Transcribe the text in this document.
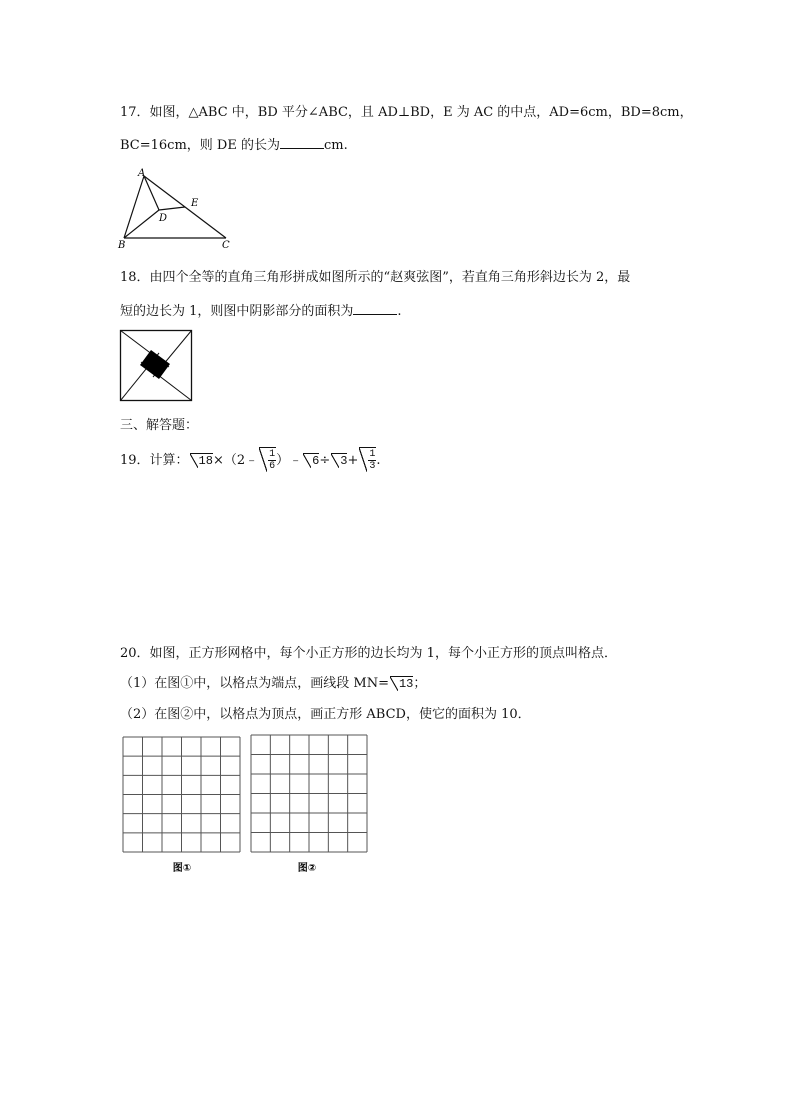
17．如图，△ABC 中，BD 平分∠ABC，且 AD⊥BD，E 为 AC 的中点，AD=6cm，BD=8cm，
BC=16cm，则 DE 的长为	cm.
A
B	C
D
E
18．由四个全等的直角三角形拼成如图所示的“赵爽弦图”，若直角三角形斜边长为 2，最
短的边长为 1，则图中阴影部分的面积为	.
三、解答题：
19．计算： 18×（2﹣ $\frac{1}{6}$ ）﹣ $6\div 3+ \frac{1}{3}$ .
20．如图，正方形网格中，每个小正方形的边长均为 1，每个小正方形的顶点叫格点．
（1）在图①中，以格点为端点，画线段 MN= 13；
（2）在图②中，以格点为顶点，画正方形 ABCD，使它的面积为 10．
图①	图②
